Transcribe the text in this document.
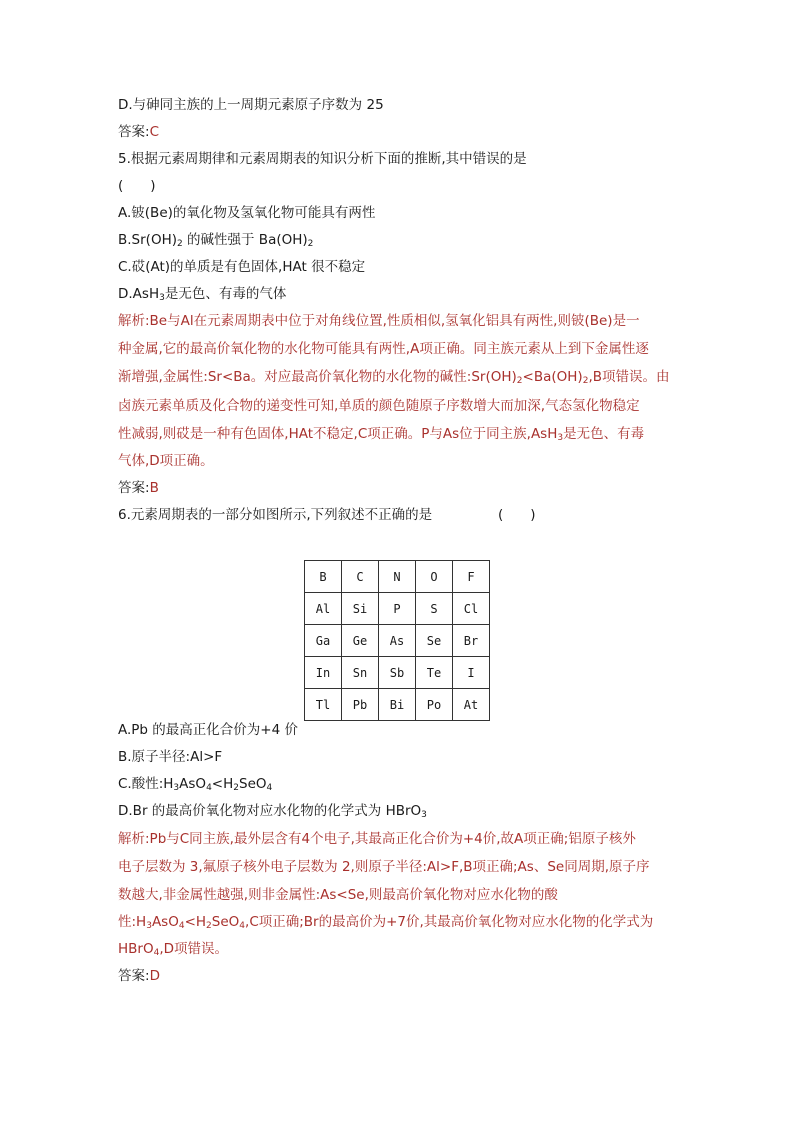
D.与砷同主族的上一周期元素原子序数为 25
答案:C
5.根据元素周期律和元素周期表的知识分析下面的推断,其中错误的是
(　　)
A.铍(Be)的氧化物及氢氧化物可能具有两性
$B.Sr(OH)_2$ 的碱性强于 $Ba(OH)_2$
C.砹(At)的单质是有色固体,HAt 很不稳定
D.AsH$_3$是无色、有毒的气体
解析:Be与Al在元素周期表中位于对角线位置,性质相似,氢氧化铝具有两性,则铍(Be)是一
种金属,它的最高价氧化物的水化物可能具有两性,A项正确。同主族元素从上到下金属性逐
渐增强,金属性:Sr<Ba。对应最高价氧化物的水化物的碱性$:Sr(OH)_2<Ba(OH)_2,B$项错误。由
卤族元素单质及化合物的递变性可知,单质的颜色随原子序数增大而加深,气态氢化物稳定
性减弱,则砹是一种有色固体,HAt不稳定,C项正确。P与As位于同主族,AsH$_3$是无色、有毒
气体,D项正确。
答案:B
6.元素周期表的一部分如图所示,下列叙述不正确的是	(　　)
B	C	N	O	F
Al	Si	P	S	Cl
Ga	Ge	As	Se	Br
In	Sn	Sb	Te	I
Tl	Pb	Bi	Po	At
A.Pb 的最高正化合价为+4 价
B.原子半径:Al>F
C.酸性$:H_3AsO_4<H_2SeO_4$
D.Br 的最高价氧化物对应水化物的化学式为 HBrO$_3$
解析:Pb与C同主族,最外层含有4个电子,其最高正化合价为+4价,故A项正确;铝原子核外
电子层数为 3,氟原子核外电子层数为 2,则原子半径:Al>F,B项正确;As、Se同周期,原子序
数越大,非金属性越强,则非金属性:As<Se,则最高价氧化物对应水化物的酸
性$:H_3AsO_4<H_2SeO_4,C$项正确;Br的最高价为+7价,其最高价氧化物对应水化物的化学式为
HBrO$_4$,D项错误。
答案:D
